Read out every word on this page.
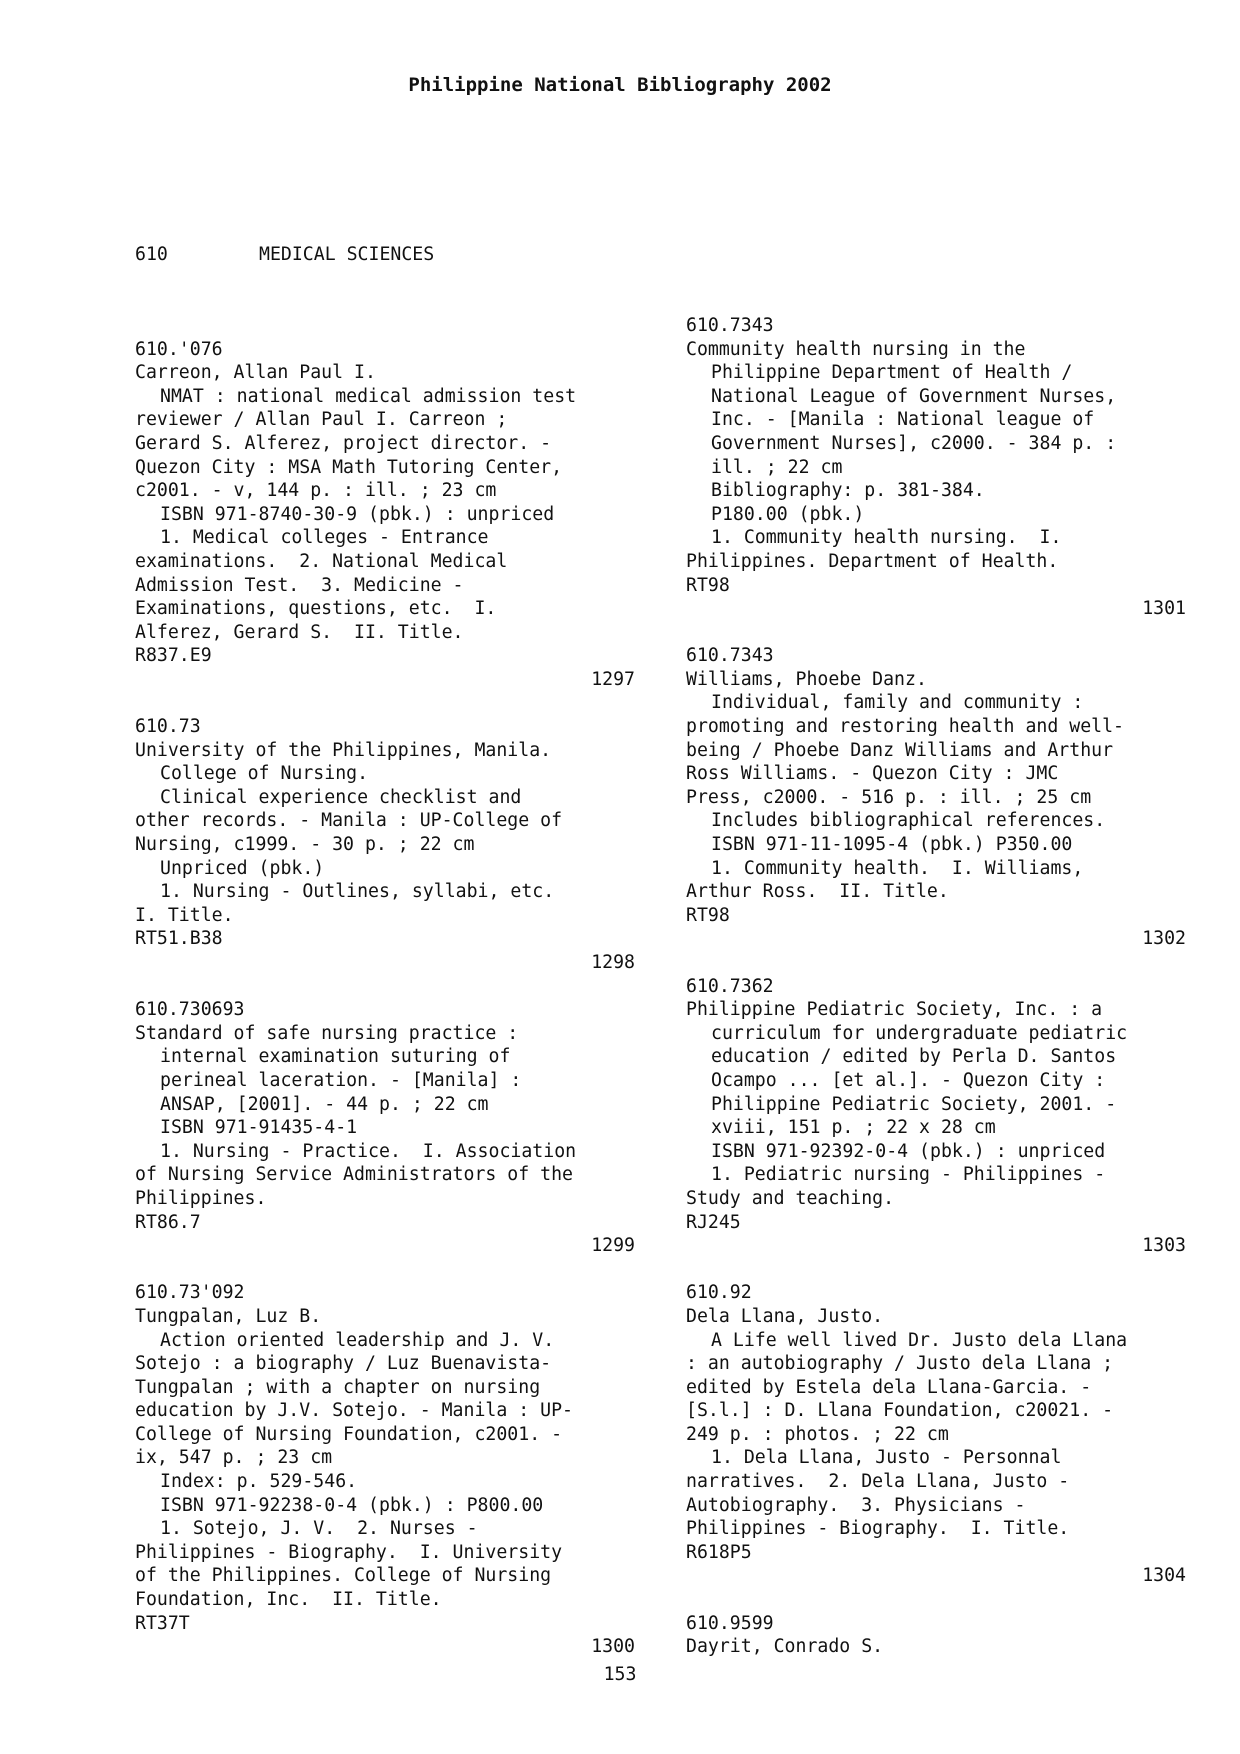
Philippine National Bibliography 2002

610	MEDICAL SCIENCES

610.'076
Carreon, Allan Paul I.
NMAT : national medical admission test
reviewer / Allan Paul I. Carreon ;
Gerard S. Alferez, project director. -
Quezon City : MSA Math Tutoring Center,
c2001. - v, 144 p. : ill. ; 23 cm
ISBN 971-8740-30-9 (pbk.) : unpriced
1. Medical colleges - Entrance
examinations.  2. National Medical
Admission Test.  3. Medicine -
Examinations, questions, etc.  I.
Alferez, Gerard S.  II. Title.
R837.E9
1297
610.73
University of the Philippines, Manila.
College of Nursing.
Clinical experience checklist and
other records. - Manila : UP-College of
Nursing, c1999. - 30 p. ; 22 cm
Unpriced (pbk.)
1. Nursing - Outlines, syllabi, etc.
I. Title.
RT51.B38
1298
610.730693
Standard of safe nursing practice :
internal examination suturing of
perineal laceration. - [Manila] :
ANSAP, [2001]. - 44 p. ; 22 cm
ISBN 971-91435-4-1
1. Nursing - Practice.  I. Association
of Nursing Service Administrators of the
Philippines.
RT86.7
1299
610.73'092
Tungpalan, Luz B.
Action oriented leadership and J. V.
Sotejo : a biography / Luz Buenavista-
Tungpalan ; with a chapter on nursing
education by J.V. Sotejo. - Manila : UP-
College of Nursing Foundation, c2001. -
ix, 547 p. ; 23 cm
Index: p. 529-546.
ISBN 971-92238-0-4 (pbk.) : P800.00
1. Sotejo, J. V.  2. Nurses -
Philippines - Biography.  I. University
of the Philippines. College of Nursing
Foundation, Inc.  II. Title.
RT37T
1300

610.7343
Community health nursing in the
Philippine Department of Health /
National League of Government Nurses,
Inc. - [Manila : National league of
Government Nurses], c2000. - 384 p. :
ill. ; 22 cm
Bibliography: p. 381-384.
P180.00 (pbk.)
1. Community health nursing.  I.
Philippines. Department of Health.
RT98
1301
610.7343
Williams, Phoebe Danz.
Individual, family and community :
promoting and restoring health and well-
being / Phoebe Danz Williams and Arthur
Ross Williams. - Quezon City : JMC
Press, c2000. - 516 p. : ill. ; 25 cm
Includes bibliographical references.
ISBN 971-11-1095-4 (pbk.) P350.00
1. Community health.  I. Williams,
Arthur Ross.  II. Title.
RT98
1302
610.7362
Philippine Pediatric Society, Inc. : a
curriculum for undergraduate pediatric
education / edited by Perla D. Santos
Ocampo ... [et al.]. - Quezon City :
Philippine Pediatric Society, 2001. -
xviii, 151 p. ; 22 x 28 cm
ISBN 971-92392-0-4 (pbk.) : unpriced
1. Pediatric nursing - Philippines -
Study and teaching.
RJ245
1303
610.92
Dela Llana, Justo.
A Life well lived Dr. Justo dela Llana
: an autobiography / Justo dela Llana ;
edited by Estela dela Llana-Garcia. -
[S.l.] : D. Llana Foundation, c20021. -
249 p. : photos. ; 22 cm
1. Dela Llana, Justo - Personnal
narratives.  2. Dela Llana, Justo -
Autobiography.  3. Physicians -
Philippines - Biography.  I. Title.
R618P5
1304
610.9599
Dayrit, Conrado S.

153
